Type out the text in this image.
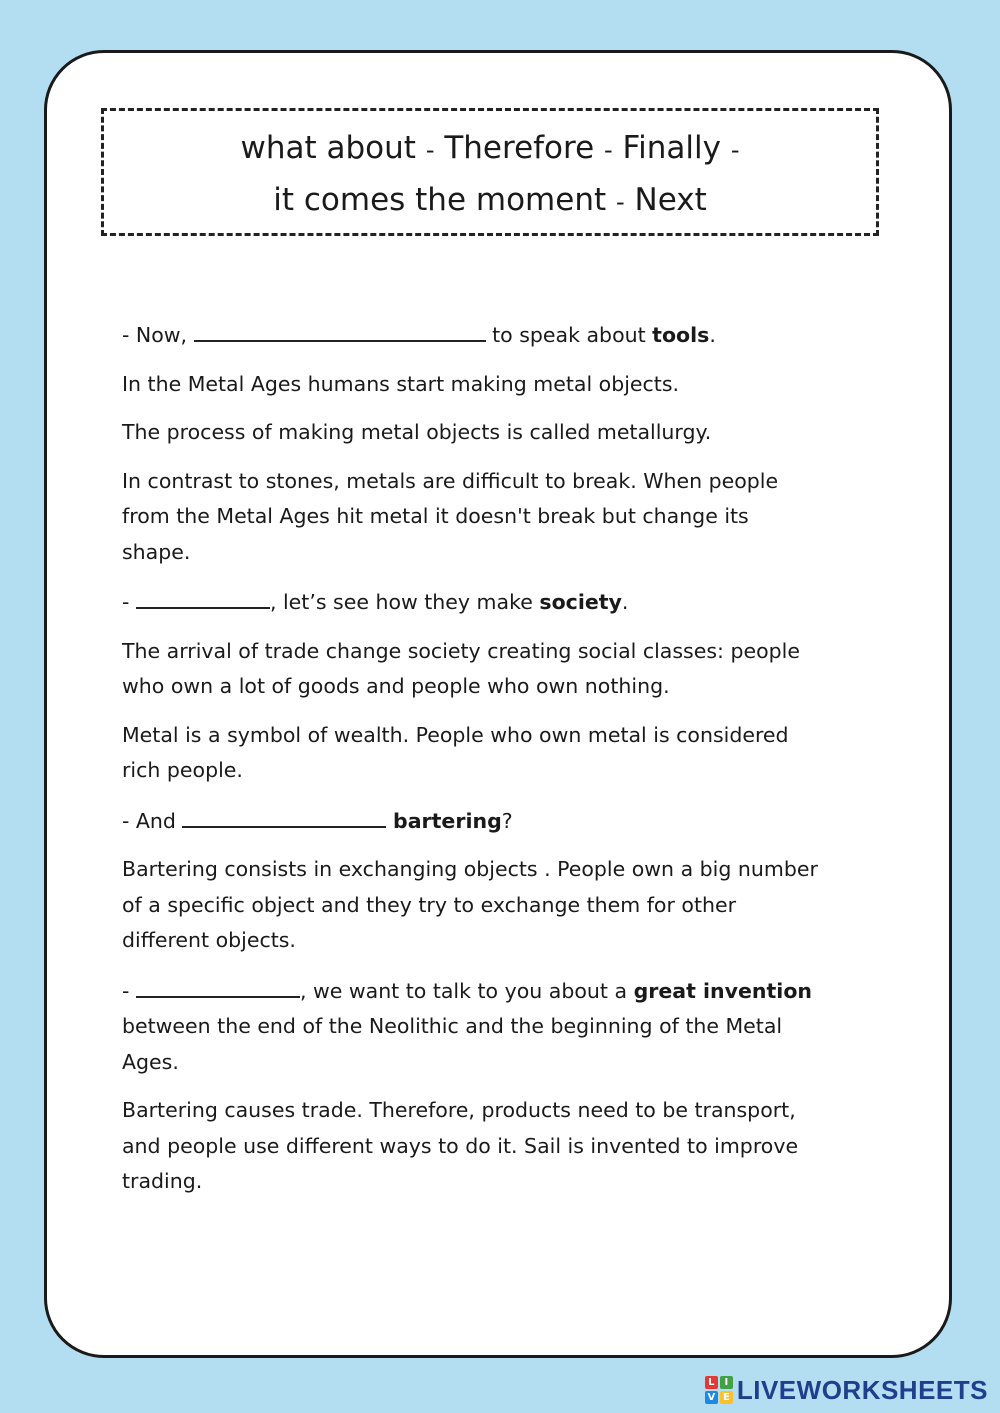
what about - Therefore - Finally -
it comes the moment - Next

- Now,	to speak about tools.

In the Metal Ages humans start making metal objects.

The process of making metal objects is called metallurgy.

In contrast to stones, metals are difficult to break. When people from the Metal Ages hit metal it doesn't break but change its shape.

-	, let’s see how they make society.

The arrival of trade change society creating social classes: people who own a lot of goods and people who own nothing.

Metal is a symbol of wealth. People who own metal is considered rich people.

- And	bartering?

Bartering consists in exchanging objects . People own a big number of a specific object and they try to exchange them for other different objects.

-	, we want to talk to you about a great invention between the end of the Neolithic and the beginning of the Metal Ages.

Bartering causes trade. Therefore, products need to be transport, and people use different ways to do it. Sail is invented to improve trading.

L I
V E LIVEWORKSHEETS
